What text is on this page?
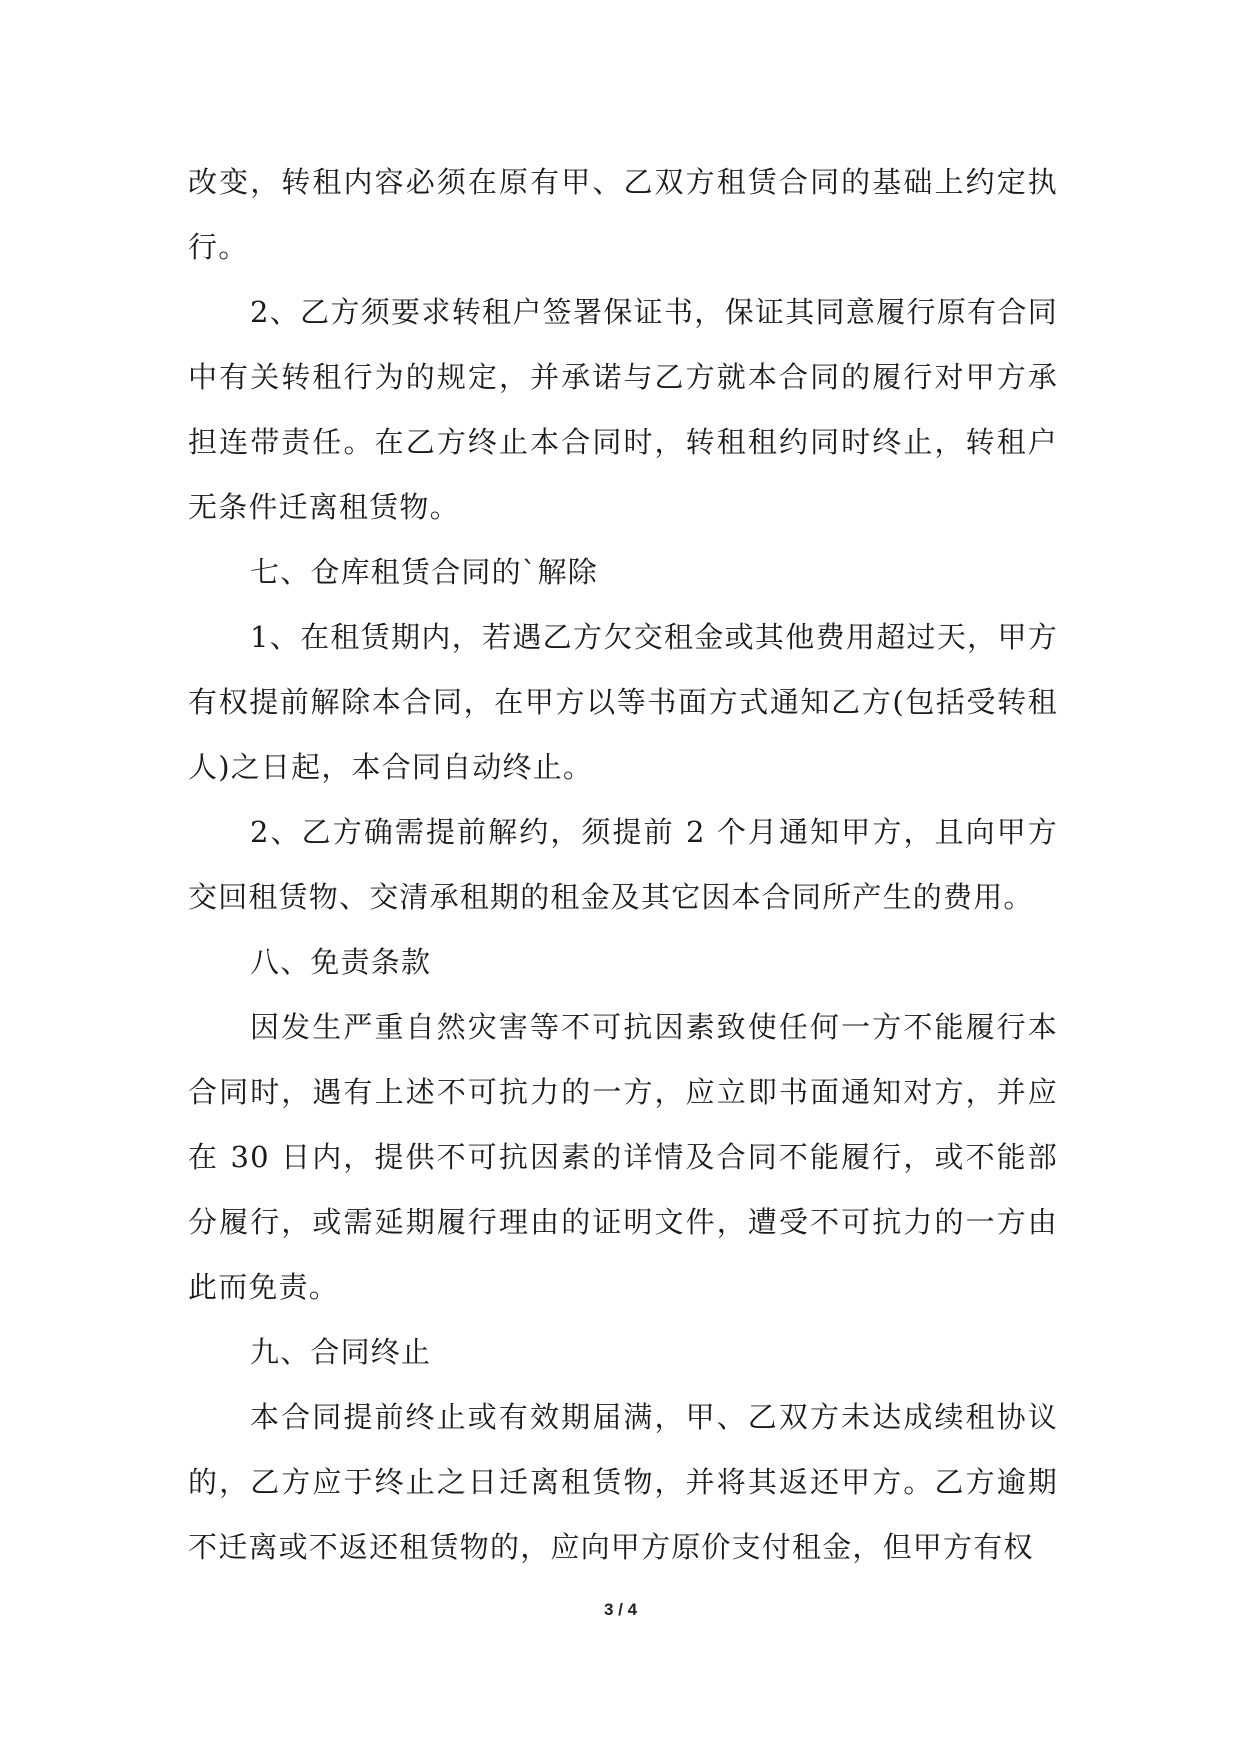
改变，转租内容必须在原有甲、乙双方租赁合同的基础上约定执行。

2、乙方须要求转租户签署保证书，保证其同意履行原有合同中有关转租行为的规定，并承诺与乙方就本合同的履行对甲方承担连带责任。在乙方终止本合同时，转租租约同时终止，转租户无条件迁离租赁物。

七、仓库租赁合同的`解除

1、在租赁期内，若遇乙方欠交租金或其他费用超过天，甲方有权提前解除本合同，在甲方以等书面方式通知乙方(包括受转租人)之日起，本合同自动终止。

2、乙方确需提前解约，须提前 2 个月通知甲方，且向甲方交回租赁物、交清承租期的租金及其它因本合同所产生的费用。

八、免责条款

因发生严重自然灾害等不可抗因素致使任何一方不能履行本合同时，遇有上述不可抗力的一方，应立即书面通知对方，并应在 30 日内，提供不可抗因素的详情及合同不能履行，或不能部分履行，或需延期履行理由的证明文件，遭受不可抗力的一方由此而免责。

九、合同终止

本合同提前终止或有效期届满，甲、乙双方未达成续租协议的，乙方应于终止之日迁离租赁物，并将其返还甲方。乙方逾期不迁离或不返还租赁物的，应向甲方原价支付租金，但甲方有权

3 / 4
